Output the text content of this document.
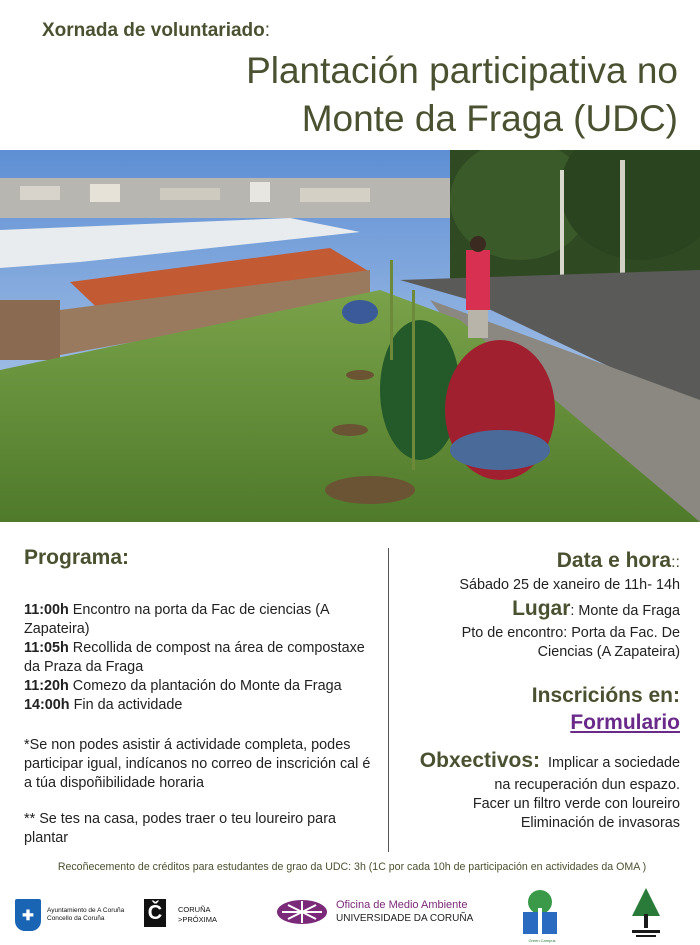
Xornada de voluntariado:
Plantación participativa no
Monte da Fraga (UDC)
Programa:
11:00h Encontro na porta da Fac de ciencias (A Zapateira)
11:05h Recollida de compost na área de compostaxe da Praza da Fraga
11:20h Comezo da plantación do Monte da Fraga
14:00h Fin da actividade
*Se non podes asistir á actividade completa, podes participar igual, indícanos no correo de inscrición cal é a túa dispoñibilidade horaria
** Se tes na casa, podes traer o teu loureiro para plantar
Data e hora::
Sábado 25 de xaneiro de 11h- 14h
Lugar: Monte da Fraga
Pto de encontro: Porta da Fac. De
Ciencias (A Zapateira)
Inscricións en:
Formulario
Obxectivos:  Implicar a sociedade
na recuperación dun espazo.
Facer un filtro verde con loureiro
Eliminación de invasoras
Recoñecemento de créditos para estudantes de grao da UDC: 3h (1C por cada 10h de participación en actividades da OMA )
✚	Ayuntamiento de A Coruña
Concello da Coruña	Č	CORUÑA
>PRÓXIMA
Oficina de Medio Ambiente
UNIVERSIDADE DA CORUÑA
Green Campus
